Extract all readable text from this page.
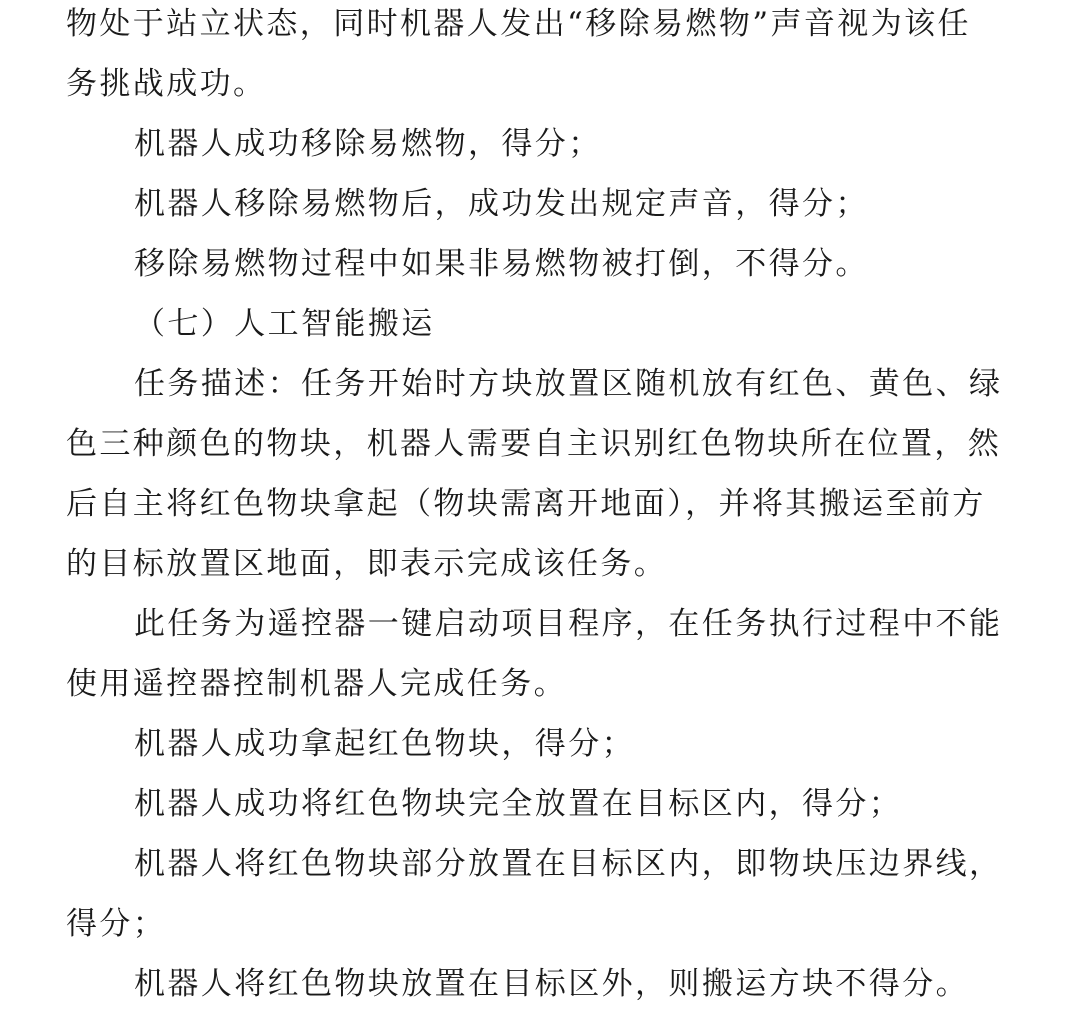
物处于站立状态，同时机器人发出“移除易燃物”声音视为该任
务挑战成功。
机器人成功移除易燃物，得分；
机器人移除易燃物后，成功发出规定声音，得分；
移除易燃物过程中如果非易燃物被打倒，不得分。
（七）人工智能搬运
任务描述：任务开始时方块放置区随机放有红色、黄色、绿
色三种颜色的物块，机器人需要自主识别红色物块所在位置，然
后自主将红色物块拿起（物块需离开地面），并将其搬运至前方
的目标放置区地面，即表示完成该任务。
此任务为遥控器一键启动项目程序，在任务执行过程中不能
使用遥控器控制机器人完成任务。
机器人成功拿起红色物块，得分；
机器人成功将红色物块完全放置在目标区内，得分；
机器人将红色物块部分放置在目标区内，即物块压边界线，
得分；
机器人将红色物块放置在目标区外，则搬运方块不得分。
